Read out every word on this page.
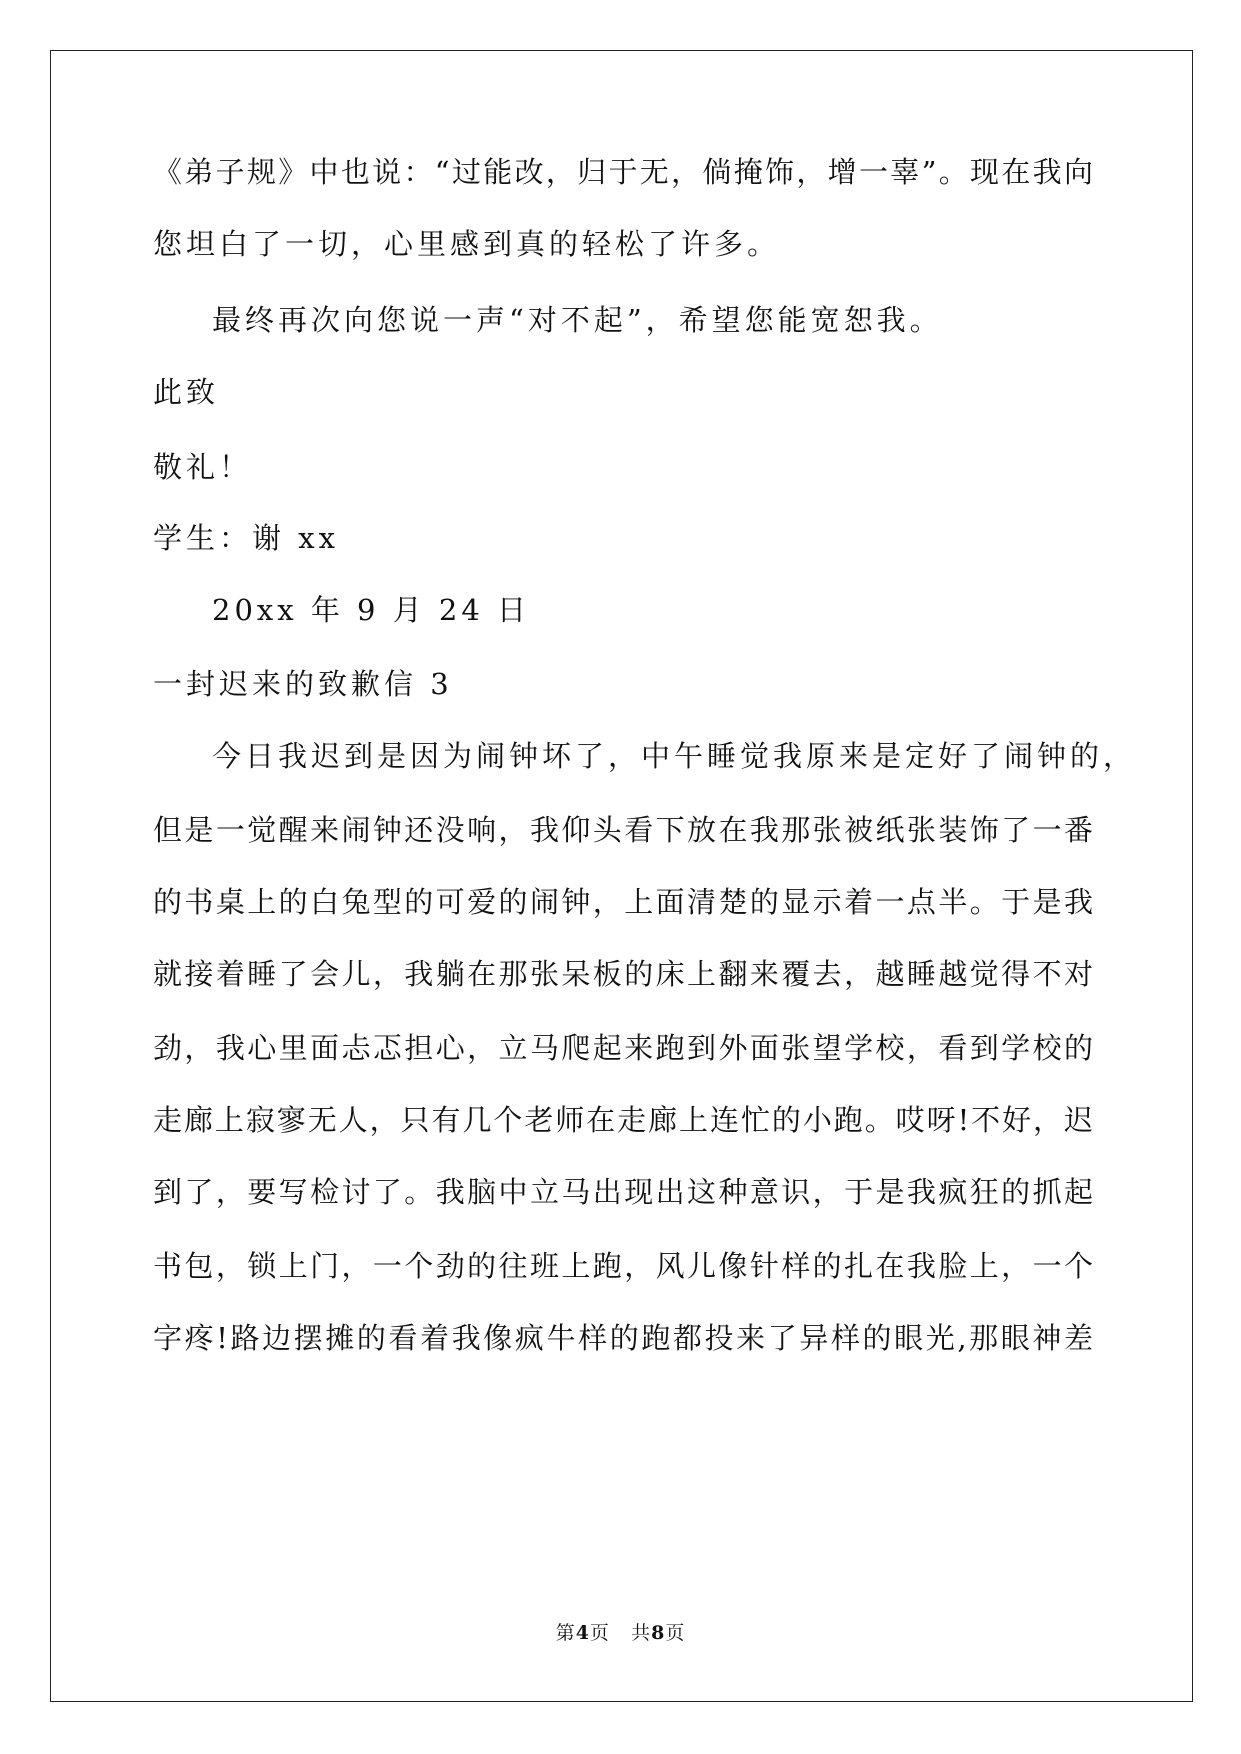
《弟子规》中也说：“过能改，归于无，倘掩饰，增一辜”。现在我向
您坦白了一切，心里感到真的轻松了许多。
最终再次向您说一声“对不起”，希望您能宽恕我。
此致
敬礼！
学生：谢 xx
20xx 年 9 月 24 日
一封迟来的致歉信 3
今日我迟到是因为闹钟坏了，中午睡觉我原来是定好了闹钟的，
但是一觉醒来闹钟还没响，我仰头看下放在我那张被纸张装饰了一番
的书桌上的白兔型的可爱的闹钟，上面清楚的显示着一点半。于是我
就接着睡了会儿，我躺在那张呆板的床上翻来覆去，越睡越觉得不对
劲，我心里面忐忑担心，立马爬起来跑到外面张望学校，看到学校的
走廊上寂寥无人，只有几个老师在走廊上连忙的小跑。哎呀!不好，迟
到了，要写检讨了。我脑中立马出现出这种意识，于是我疯狂的抓起
书包，锁上门，一个劲的往班上跑，风儿像针样的扎在我脸上，一个
字疼!路边摆摊的看着我像疯牛样的跑都投来了异样的眼光,那眼神差
第4页 共8页
